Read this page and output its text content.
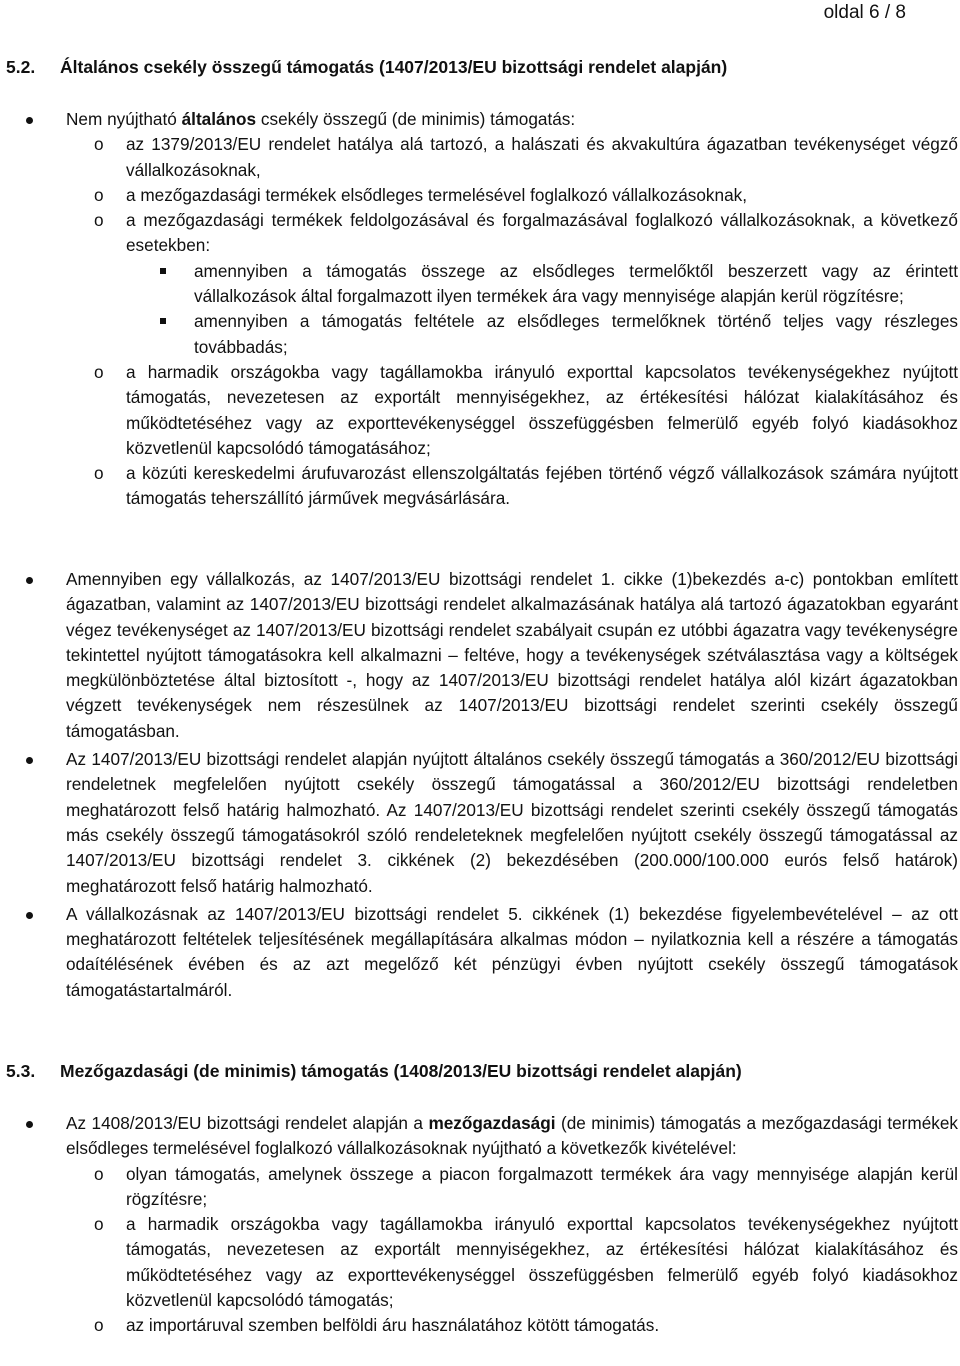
oldal 6 / 8
5.2. Általános csekély összegű támogatás (1407/2013/EU bizottsági rendelet alapján)
Nem nyújtható általános csekély összegű (de minimis) támogatás:
o az 1379/2013/EU rendelet hatálya alá tartozó, a halászati és akvakultúra ágazatban tevékenységet végző vállalkozásoknak,
o a mezőgazdasági termékek elsődleges termelésével foglalkozó vállalkozásoknak,
o a mezőgazdasági termékek feldolgozásával és forgalmazásával foglalkozó vállalkozásoknak, a következő esetekben:
amennyiben a támogatás összege az elsődleges termelőktől beszerzett vagy az érintett vállalkozások által forgalmazott ilyen termékek ára vagy mennyisége alapján kerül rögzítésre;
amennyiben a támogatás feltétele az elsődleges termelőknek történő teljes vagy részleges továbbadás;
o a harmadik országokba vagy tagállamokba irányuló exporttal kapcsolatos tevékenységekhez nyújtott támogatás, nevezetesen az exportált mennyiségekhez, az értékesítési hálózat kialakításához és működtetéséhez vagy az exporttevékenységgel összefüggésben felmerülő egyéb folyó kiadásokhoz közvetlenül kapcsolódó támogatásához;
o a közúti kereskedelmi árufuvarozást ellenszolgáltatás fejében történő végző vállalkozások számára nyújtott támogatás teherszállító járművek megvásárlására.
Amennyiben egy vállalkozás, az 1407/2013/EU bizottsági rendelet 1. cikke (1)bekezdés a-c) pontokban említett ágazatban, valamint az 1407/2013/EU bizottsági rendelet alkalmazásának hatálya alá tartozó ágazatokban egyaránt végez tevékenységet az 1407/2013/EU bizottsági rendelet szabályait csupán ez utóbbi ágazatra vagy tevékenységre tekintettel nyújtott támogatásokra kell alkalmazni – feltéve, hogy a tevékenységek szétválasztása vagy a költségek megkülönböztetése által biztosított -, hogy az 1407/2013/EU bizottsági rendelet hatálya alól kizárt ágazatokban végzett tevékenységek nem részesülnek az 1407/2013/EU bizottsági rendelet szerinti csekély összegű támogatásban.
Az 1407/2013/EU bizottsági rendelet alapján nyújtott általános csekély összegű támogatás a 360/2012/EU bizottsági rendeletnek megfelelően nyújtott csekély összegű támogatással a 360/2012/EU bizottsági rendeletben meghatározott felső határig halmozható. Az 1407/2013/EU bizottsági rendelet szerinti csekély összegű támogatás más csekély összegű támogatásokról szóló rendeleteknek megfelelően nyújtott csekély összegű támogatással az 1407/2013/EU bizottsági rendelet 3. cikkének (2) bekezdésében (200.000/100.000 eurós felső határok) meghatározott felső határig halmozható.
A vállalkozásnak az 1407/2013/EU bizottsági rendelet 5. cikkének (1) bekezdése figyelembevételével – az ott meghatározott feltételek teljesítésének megállapítására alkalmas módon – nyilatkoznia kell a részére a támogatás odaítélésének évében és az azt megelőző két pénzügyi évben nyújtott csekély összegű támogatások támogatástartalmáról.
5.3. Mezőgazdasági (de minimis) támogatás (1408/2013/EU bizottsági rendelet alapján)
Az 1408/2013/EU bizottsági rendelet alapján a mezőgazdasági (de minimis) támogatás a mezőgazdasági termékek elsődleges termelésével foglalkozó vállalkozásoknak nyújtható a következők kivételével:
o olyan támogatás, amelynek összege a piacon forgalmazott termékek ára vagy mennyisége alapján kerül rögzítésre;
o a harmadik országokba vagy tagállamokba irányuló exporttal kapcsolatos tevékenységekhez nyújtott támogatás, nevezetesen az exportált mennyiségekhez, az értékesítési hálózat kialakításához és működtetéséhez vagy az exporttevékenységgel összefüggésben felmerülő egyéb folyó kiadásokhoz közvetlenül kapcsolódó támogatás;
o az importáruval szemben belföldi áru használatához kötött támogatás.
